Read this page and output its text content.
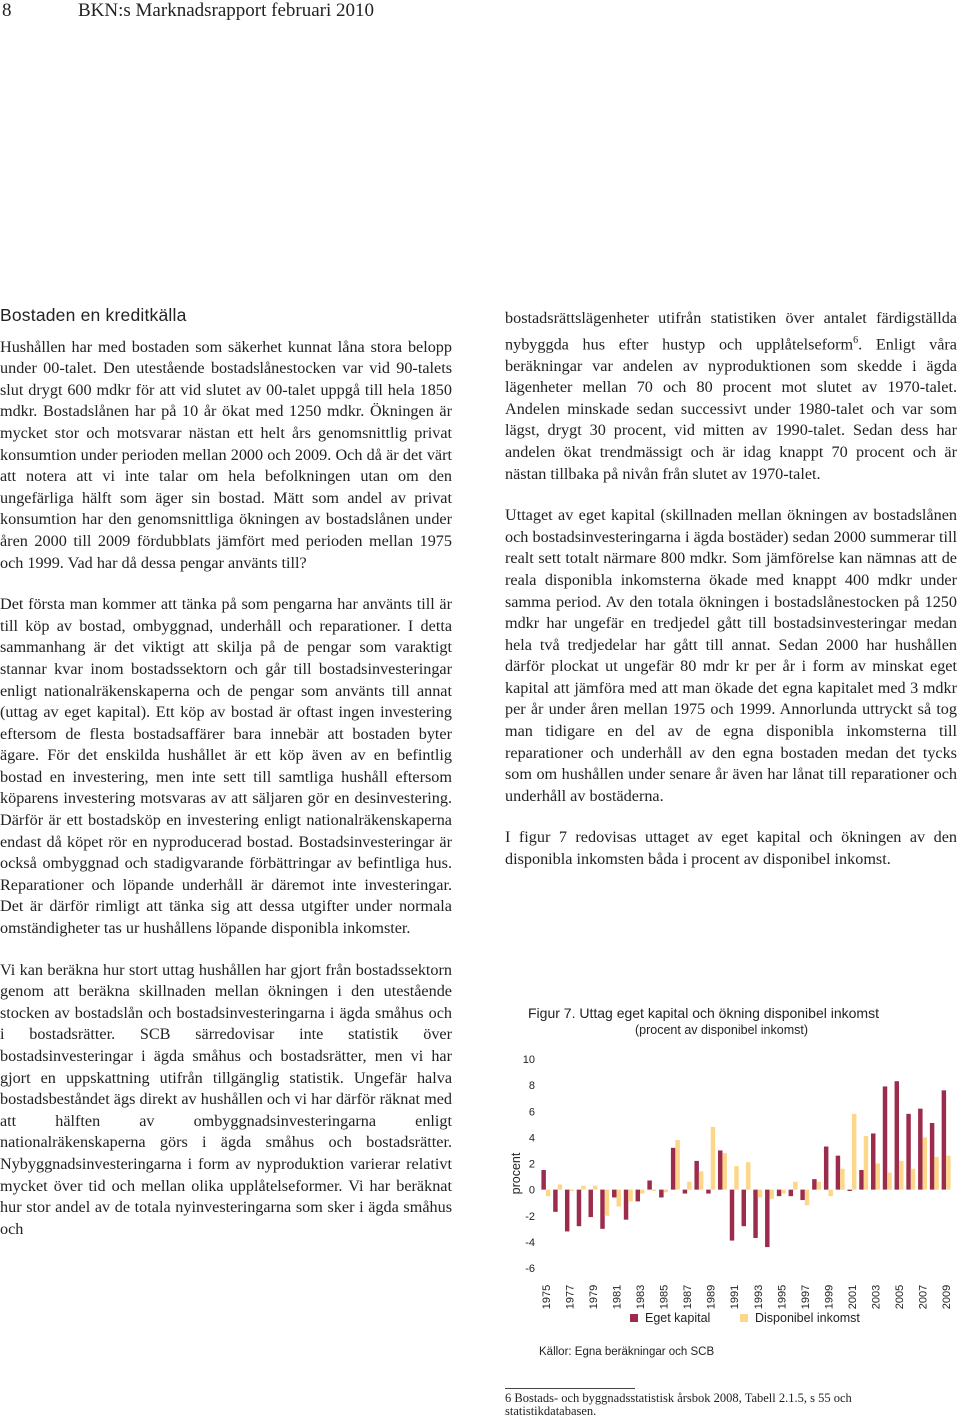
8	BKN:s Marknadsrapport februari 2010
Bostaden en kreditkälla

Hushållen har med bostaden som säkerhet kunnat låna stora belopp under 00-talet. Den utestående bostadslånestocken var vid 90-talets slut drygt 600 mdkr för att vid slutet av 00-talet uppgå till hela 1850 mdkr. Bostadslånen har på 10 år ökat med 1250 mdkr. Ökningen är mycket stor och motsvarar nästan ett helt års genomsnittlig privat konsumtion under perioden mellan 2000 och 2009. Och då är det värt att notera att vi inte talar om hela befolkningen utan om den ungefärliga hälft som äger sin bostad. Mätt som andel av privat konsumtion har den genomsnittliga ökningen av bostadslånen under åren 2000 till 2009 fördubblats jämfört med perioden mellan 1975 och 1999. Vad har då dessa pengar använts till?

Det första man kommer att tänka på som pengarna har använts till är till köp av bostad, ombyggnad, underhåll och reparationer. I detta sammanhang är det viktigt att skilja på de pengar som varaktigt stannar kvar inom bostadssektorn och går till bostadsinvesteringar enligt nationalräkenskaperna och de pengar som använts till annat (uttag av eget kapital). Ett köp av bostad är oftast ingen investering eftersom de flesta bostadsaffärer bara innebär att bostaden byter ägare. För det enskilda hushållet är ett köp även av en befintlig bostad en investering, men inte sett till samtliga hushåll eftersom köparens investering motsvaras av att säljaren gör en desinvestering. Därför är ett bostadsköp en investering enligt nationalräkenskaperna endast då köpet rör en nyproducerad bostad. Bostadsinvesteringar är också ombyggnad och stadigvarande förbättringar av befintliga hus. Reparationer och löpande underhåll är däremot inte investeringar. Det är därför rimligt att tänka sig att dessa utgifter under normala omständigheter tas ur hushållens löpande disponibla inkomster.

Vi kan beräkna hur stort uttag hushållen har gjort från bostadssektorn genom att beräkna skillnaden mellan ökningen i den utestående stocken av bostadslån och bostadsinvesteringarna i ägda småhus och i bostadsrätter. SCB särredovisar inte statistik över bostadsinvesteringar i ägda småhus och bostadsrätter, men vi har gjort en uppskattning utifrån tillgänglig statistik. Ungefär halva bostadsbeståndet ägs direkt av hushållen och vi har därför räknat med att hälften av ombyggnadsinvesteringarna enligt nationalräkenskaperna görs i ägda småhus och bostadsrätter. Nybyggnadsinvesteringarna i form av nyproduktion varierar relativt mycket över tid och mellan olika upplåtelseformer. Vi har beräknat hur stor andel av de totala nyinvesteringarna som sker i ägda småhus och

bostadsrättslägenheter utifrån statistiken över antalet färdigställda nybyggda hus efter hustyp och upplåtelseform$^6$. Enligt våra beräkningar var andelen av nyproduktionen som skedde i ägda lägenheter mellan 70 och 80 procent mot slutet av 1970-talet. Andelen minskade sedan successivt under 1980-talet och var som lägst, drygt 30 procent, vid mitten av 1990-talet. Sedan dess har andelen ökat trendmässigt och är idag knappt 70 procent och är nästan tillbaka på nivån från slutet av 1970-talet.

Uttaget av eget kapital (skillnaden mellan ökningen av bostadslånen och bostadsinvesteringarna i ägda bostäder) sedan 2000 summerar till realt sett totalt närmare 800 mdkr. Som jämförelse kan nämnas att de reala disponibla inkomsterna ökade med knappt 400 mdkr under samma period. Av den totala ökningen i bostadslånestocken på 1250 mdkr har ungefär en tredjedel gått till bostadsinvesteringar medan hela två tredjedelar har gått till annat. Sedan 2000 har hushållen därför plockat ut ungefär 80 mdr kr per år i form av minskat eget kapital att jämföra med att man ökade det egna kapitalet med 3 mdkr per år under åren mellan 1975 och 1999. Annorlunda uttryckt så tog man tidigare en del av de egna disponibla inkomsterna till reparationer och underhåll av den egna bostaden medan det tycks som om hushållen under senare år även har lånat till reparationer och underhåll av bostäderna.

I figur 7 redovisas uttaget av eget kapital och ökningen av den disponibla inkomsten båda i procent av disponibel inkomst.

Figur 7. Uttag eget kapital och ökning disponibel inkomst
(procent av disponibel inkomst)
-6
-4
-2
0
2
4
6
8
10
procent
1975 1977 1979 1981 1983 1985 1987 1989 1991 1993 1995 1997 1999 2001 2003 2005 2007 2009
Eget kapital	Disponibel inkomst
Källor: Egna beräkningar och SCB
6 Bostads- och byggnadsstatistisk årsbok 2008, Tabell 2.1.5, s 55 och statistikdatabasen.
